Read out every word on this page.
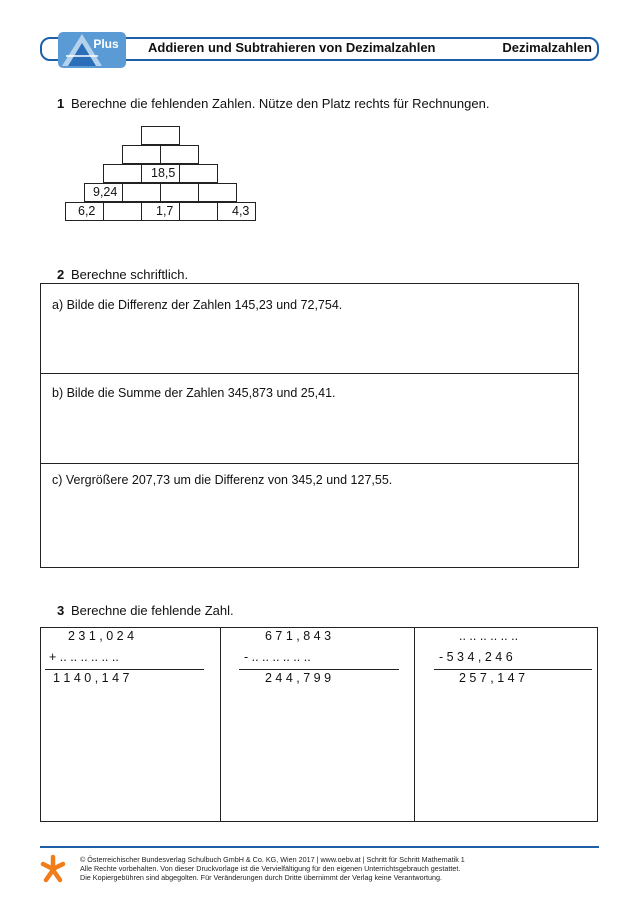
Plus Addieren und Subtrahieren von Dezimalzahlen	Dezimalzahlen
1 Berechne die fehlenden Zahlen. Nütze den Platz rechts für Rechnungen.
18,5
9,24
6,2	1,7	4,3
2 Berechne schriftlich.
a) Bilde die Differenz der Zahlen 145,23 und 72,754.
b) Bilde die Summe der Zahlen 345,873 und 25,41.
c) Vergrößere 207,73 um die Differenz von 345,2 und 127,55.
3 Berechne die fehlende Zahl.
2 3 1 , 0 2 4
+ .. .. .. .. .. ..
1 1 4 0 , 1 4 7
6 7 1 , 8 4 3
- .. .. .. .. .. ..
2 4 4 , 7 9 9
.. .. .. .. .. ..
- 5 3 4 , 2 4 6
2 5 7 , 1 4 7
© Österreichischer Bundesverlag Schulbuch GmbH & Co. KG, Wien 2017 | www.oebv.at | Schritt für Schritt Mathematik 1
Alle Rechte vorbehalten. Von dieser Druckvorlage ist die Vervielfältigung für den eigenen Unterrichtsgebrauch gestattet.
Die Kopiergebühren sind abgegolten. Für Veränderungen durch Dritte übernimmt der Verlag keine Verantwortung.
